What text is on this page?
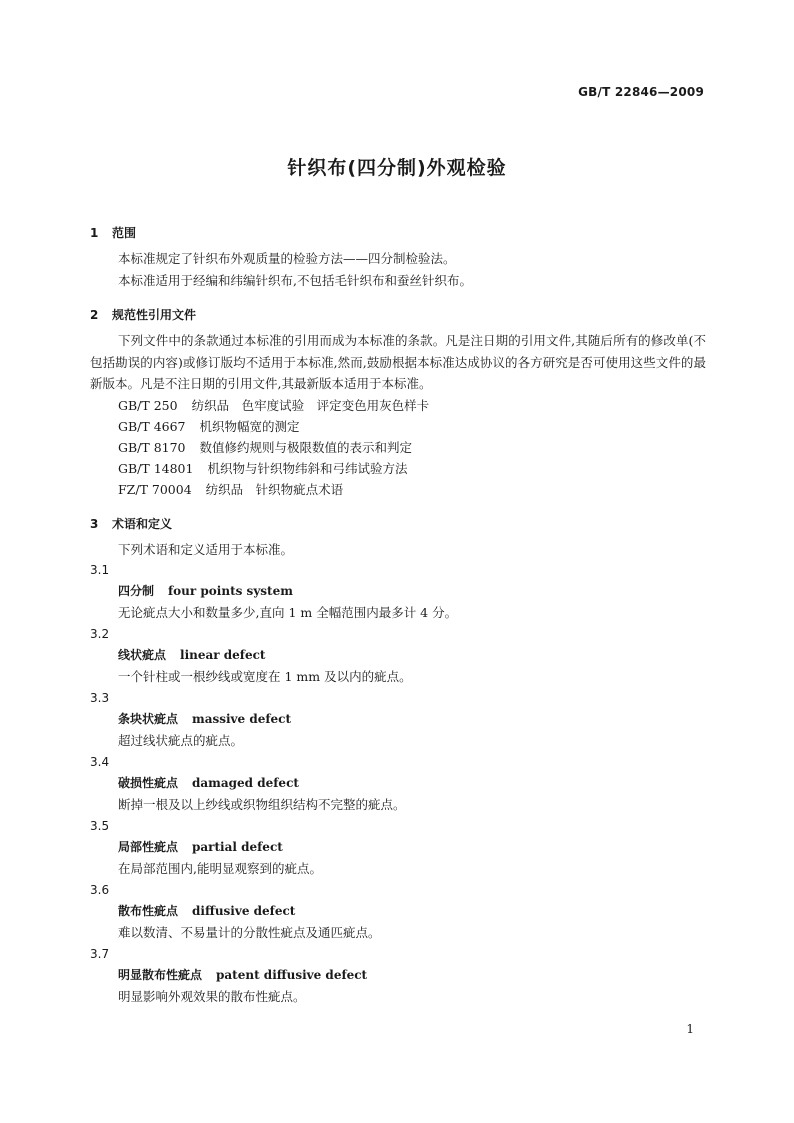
GB/T 22846—2009
针织布(四分制)外观检验
1 范围
本标准规定了针织布外观质量的检验方法——四分制检验法。
本标准适用于经编和纬编针织布,不包括毛针织布和蚕丝针织布。
2 规范性引用文件
下列文件中的条款通过本标准的引用而成为本标准的条款。凡是注日期的引用文件,其随后所有的修改单(不包括勘误的内容)或修订版均不适用于本标准,然而,鼓励根据本标准达成协议的各方研究是否可使用这些文件的最新版本。凡是不注日期的引用文件,其最新版本适用于本标准。
GB/T 250 纺织品　色牢度试验　评定变色用灰色样卡
GB/T 4667 机织物幅宽的测定
GB/T 8170 数值修约规则与极限数值的表示和判定
GB/T 14801 机织物与针织物纬斜和弓纬试验方法
FZ/T 70004 纺织品　针织物疵点术语
3 术语和定义
下列术语和定义适用于本标准。
3.1
四分制 four points system
无论疵点大小和数量多少,直向 1 m 全幅范围内最多计 4 分。
3.2
线状疵点 linear defect
一个针柱或一根纱线或宽度在 1 mm 及以内的疵点。
3.3
条块状疵点 massive defect
超过线状疵点的疵点。
3.4
破损性疵点 damaged defect
断掉一根及以上纱线或织物组织结构不完整的疵点。
3.5
局部性疵点 partial defect
在局部范围内,能明显观察到的疵点。
3.6
散布性疵点 diffusive defect
难以数清、不易量计的分散性疵点及通匹疵点。
3.7
明显散布性疵点 patent diffusive defect
明显影响外观效果的散布性疵点。
1
